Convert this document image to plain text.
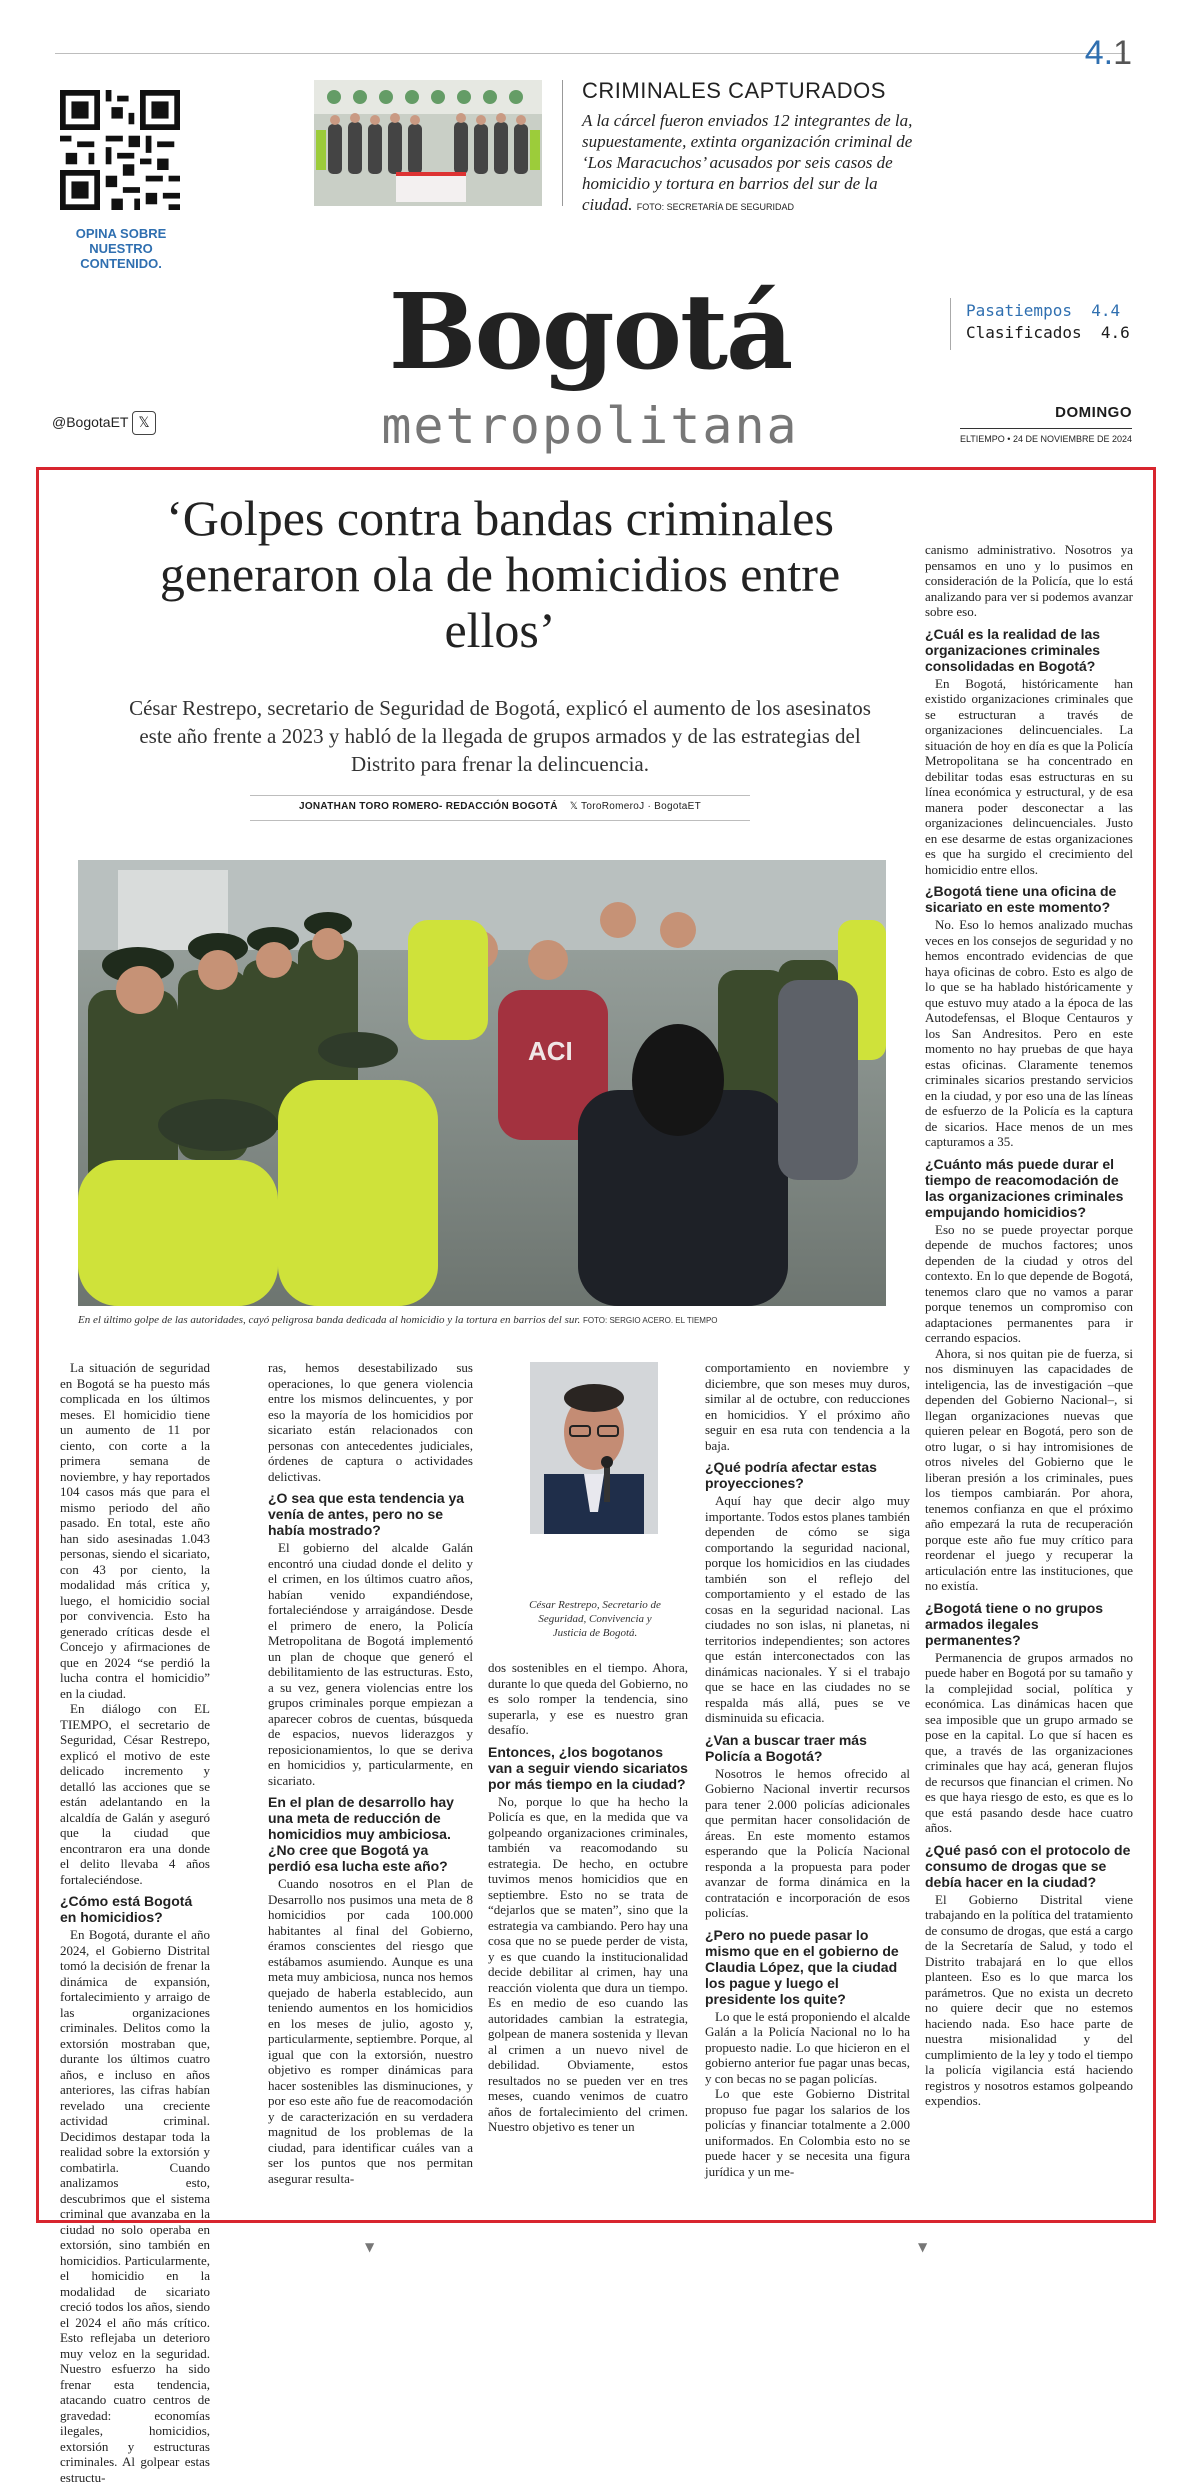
4.1
OPINA SOBRE NUESTRO CONTENIDO.
CRIMINALES CAPTURADOS
A la cárcel fueron enviados 12 integrantes de la, supuestamente, extinta organización criminal de ‘Los Maracuchos’ acusados por seis casos de homicidio y tortura en barrios del sur de la ciudad. FOTO: SECRETARÍA DE SEGURIDAD
Bogotá
metropolitana
Pasatiempos 4.4
Clasificados 4.6
@BogotaET 𝕏
DOMINGO
ELTIEMPO • 24 DE NOVIEMBRE DE 2024
‘Golpes contra bandas criminales generaron ola de homicidios entre ellos’
César Restrepo, secretario de Seguridad de Bogotá, explicó el aumento de los asesinatos este año frente a 2023 y habló de la llegada de grupos armados y de las estrategias del Distrito para frenar la delincuencia.
JONATHAN TORO ROMERO- REDACCIÓN BOGOTÁ 𝕏 ToroRomeroJ · BogotaET
ACI
En el último golpe de las autoridades, cayó peligrosa banda dedicada al homicidio y la tortura en barrios del sur. FOTO: SERGIO ACERO. EL TIEMPO

La situación de seguridad en Bogotá se ha puesto más complicada en los últimos meses. El homicidio tiene un aumento de 11 por ciento, con corte a la primera semana de noviembre, y hay reportados 104 casos más que para el mismo periodo del año pasado. En total, este año han sido asesinadas 1.043 personas, siendo el sicariato, con 43 por ciento, la modalidad más crítica y, luego, el homicidio social por convivencia. Esto ha generado críticas desde el Concejo y afirmaciones de que en 2024 “se perdió la lucha contra el homicidio” en la ciudad.

En diálogo con EL TIEMPO, el secretario de Seguridad, César Restrepo, explicó el motivo de este delicado incremento y detalló las acciones que se están adelantando en la alcaldía de Galán y aseguró que la ciudad que encontraron era una donde el delito llevaba 4 años fortaleciéndose.

¿Cómo está Bogotá en homicidios?

En Bogotá, durante el año 2024, el Gobierno Distrital tomó la decisión de frenar la dinámica de expansión, fortalecimiento y arraigo de las organizaciones criminales. Delitos como la extorsión mostraban que, durante los últimos cuatro años, e incluso en años anteriores, las cifras habían revelado una creciente actividad criminal. Decidimos destapar toda la realidad sobre la extorsión y combatirla. Cuando analizamos esto, descubrimos que el sistema criminal que avanzaba en la ciudad no solo operaba en extorsión, sino también en homicidios. Particularmente, el homicidio en la modalidad de sicariato creció todos los años, siendo el 2024 el año más crítico. Esto reflejaba un deterioro muy veloz en la seguridad. Nuestro esfuerzo ha sido frenar esta tendencia, atacando cuatro centros de gravedad: economías ilegales, homicidios, extorsión y estructuras criminales. Al golpear estas estructu-

ras, hemos desestabilizado sus operaciones, lo que genera violencia entre los mismos delincuentes, y por eso la mayoría de los homicidios por sicariato están relacionados con personas con antecedentes judiciales, órdenes de captura o actividades delictivas.

¿O sea que esta tendencia ya venía de antes, pero no se había mostrado?

El gobierno del alcalde Galán encontró una ciudad donde el delito y el crimen, en los últimos cuatro años, habían venido expandiéndose, fortaleciéndose y arraigándose. Desde el primero de enero, la Policía Metropolitana de Bogotá implementó un plan de choque que generó el debilitamiento de las estructuras. Esto, a su vez, genera violencias entre los grupos criminales porque empiezan a aparecer cobros de cuentas, búsqueda de espacios, nuevos liderazgos y reposicionamientos, lo que se deriva en homicidios y, particularmente, en sicariato.

En el plan de desarrollo hay una meta de reducción de homicidios muy ambiciosa. ¿No cree que Bogotá ya perdió esa lucha este año?

Cuando nosotros en el Plan de Desarrollo nos pusimos una meta de 8 homicidios por cada 100.000 habitantes al final del Gobierno, éramos conscientes del riesgo que estábamos asumiendo. Aunque es una meta muy ambiciosa, nunca nos hemos quejado de haberla establecido, aun teniendo aumentos en los homicidios en los meses de julio, agosto y, particularmente, septiembre. Porque, al igual que con la extorsión, nuestro objetivo es romper dinámicas para hacer sostenibles las disminuciones, y por eso este año fue de reacomodación y de caracterización en su verdadera magnitud de los problemas de la ciudad, para identificar cuáles van a ser los puntos que nos permitan asegurar resulta-

dos sostenibles en el tiempo. Ahora, durante lo que queda del Gobierno, no es solo romper la tendencia, sino superarla, y ese es nuestro gran desafío.

Entonces, ¿los bogotanos van a seguir viendo sicariatos por más tiempo en la ciudad?

No, porque lo que ha hecho la Policía es que, en la medida que va golpeando organizaciones criminales, también va reacomodando su estrategia. De hecho, en octubre tuvimos menos homicidios que en septiembre. Esto no se trata de “dejarlos que se maten”, sino que la estrategia va cambiando. Pero hay una cosa que no se puede perder de vista, y es que cuando la institucionalidad decide debilitar al crimen, hay una reacción violenta que dura un tiempo. Es en medio de eso cuando las autoridades cambian la estrategia, golpean de manera sostenida y llevan al crimen a un nuevo nivel de debilidad. Obviamente, estos resultados no se pueden ver en tres meses, cuando venimos de cuatro años de fortalecimiento del crimen. Nuestro objetivo es tener un

comportamiento en noviembre y diciembre, que son meses muy duros, similar al de octubre, con reducciones en homicidios. Y el próximo año seguir en esa ruta con tendencia a la baja.

¿Qué podría afectar estas proyecciones?

Aquí hay que decir algo muy importante. Todos estos planes también dependen de cómo se siga comportando la seguridad nacional, porque los homicidios en las ciudades también son el reflejo del comportamiento y el estado de las cosas en la seguridad nacional. Las ciudades no son islas, ni planetas, ni territorios independientes; son actores que están interconectados con las dinámicas nacionales. Y si el trabajo que se hace en las ciudades no se respalda más allá, pues se ve disminuida su eficacia.

¿Van a buscar traer más Policía a Bogotá?

Nosotros le hemos ofrecido al Gobierno Nacional invertir recursos para tener 2.000 policías adicionales que permitan hacer consolidación de áreas. En este momento estamos esperando que la Policía Nacional responda a la propuesta para poder avanzar de forma dinámica en la contratación e incorporación de esos policías.

¿Pero no puede pasar lo mismo que en el gobierno de Claudia López, que la ciudad los pague y luego el presidente los quite?

Lo que le está proponiendo el alcalde Galán a la Policía Nacional no lo ha propuesto nadie. Lo que hicieron en el gobierno anterior fue pagar unas becas, y con becas no se pagan policías.

Lo que este Gobierno Distrital propuso fue pagar los salarios de los policías y financiar totalmente a 2.000 uniformados. En Colombia esto no se puede hacer y se necesita una figura jurídica y un me-

canismo administrativo. Nosotros ya pensamos en uno y lo pusimos en consideración de la Policía, que lo está analizando para ver si podemos avanzar sobre eso.

¿Cuál es la realidad de las organizaciones criminales consolidadas en Bogotá?

En Bogotá, históricamente han existido organizaciones criminales que se estructuran a través de organizaciones delincuenciales. La situación de hoy en día es que la Policía Metropolitana se ha concentrado en debilitar todas esas estructuras en su línea económica y estructural, y de esa manera poder desconectar a las organizaciones delincuenciales. Justo en ese desarme de estas organizaciones es que ha surgido el crecimiento del homicidio entre ellos.

¿Bogotá tiene una oficina de sicariato en este momento?

No. Eso lo hemos analizado muchas veces en los consejos de seguridad y no hemos encontrado evidencias de que haya oficinas de cobro. Esto es algo de lo que se ha hablado históricamente y que estuvo muy atado a la época de las Autodefensas, el Bloque Centauros y los San Andresitos. Pero en este momento no hay pruebas de que haya estas oficinas. Claramente tenemos criminales sicarios prestando servicios en la ciudad, y por eso una de las líneas de esfuerzo de la Policía es la captura de sicarios. Hace menos de un mes capturamos a 35.

¿Cuánto más puede durar el tiempo de reacomodación de las organizaciones criminales empujando homicidios?

Eso no se puede proyectar porque depende de muchos factores; unos dependen de la ciudad y otros del contexto. En lo que depende de Bogotá, tenemos claro que no vamos a parar porque tenemos un compromiso con adaptaciones permanentes para ir cerrando espacios.

Ahora, si nos quitan pie de fuerza, si nos disminuyen las capacidades de inteligencia, las de investigación –que dependen del Gobierno Nacional–, si llegan organizaciones nuevas que quieren pelear en Bogotá, pero son de otro lugar, o si hay intromisiones de otros niveles del Gobierno que le liberan presión a los criminales, pues los tiempos cambiarán. Por ahora, tenemos confianza en que el próximo año empezará la ruta de recuperación porque este año fue muy crítico para reordenar el juego y recuperar la articulación entre las instituciones, que no existía.

¿Bogotá tiene o no grupos armados ilegales permanentes?

Permanencia de grupos armados no puede haber en Bogotá por su tamaño y la complejidad social, política y económica. Las dinámicas hacen que sea imposible que un grupo armado se pose en la capital. Lo que sí hacen es que, a través de las organizaciones criminales que hay acá, generan flujos de recursos que financian el crimen. No es que haya riesgo de esto, es que es lo que está pasando desde hace cuatro años.

¿Qué pasó con el protocolo de consumo de drogas que se debía hacer en la ciudad?

El Gobierno Distrital viene trabajando en la política del tratamiento de consumo de drogas, que está a cargo de la Secretaría de Salud, y todo el Distrito trabajará en lo que ellos planteen. Eso es lo que marca los parámetros. Que no exista un decreto no quiere decir que no estemos haciendo nada. Eso hace parte de nuestra misionalidad y del cumplimiento de la ley y todo el tiempo la policía vigilancia está haciendo registros y nosotros estamos golpeando expendios.

César Restrepo, Secretario de Seguridad, Convivencia y Justicia de Bogotá.
▼	▼
